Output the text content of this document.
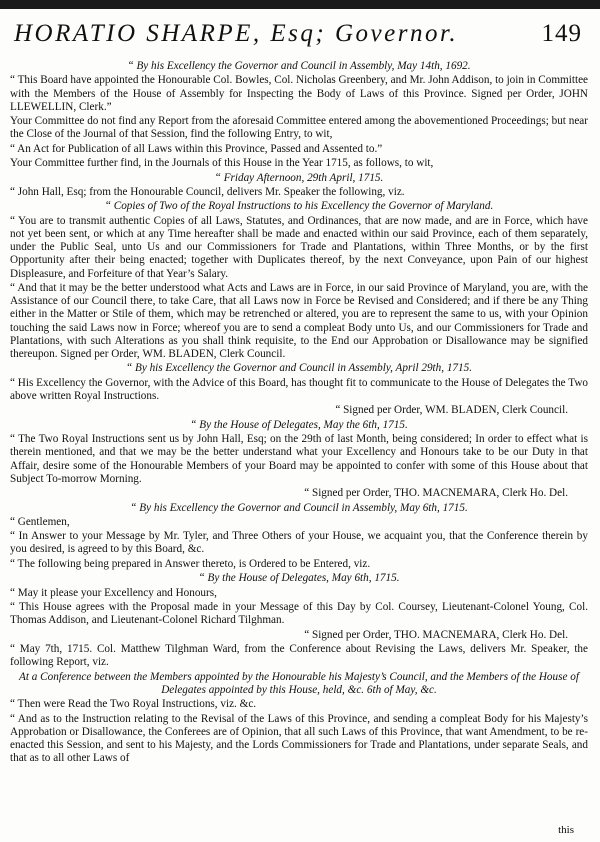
HORATIO SHARPE, Esq; Governor.	149

“ By his Excellency the Governor and Council in Assembly, May 14th, 1692.

“ This Board have appointed the Honourable Col. Bowles, Col. Nicholas Greenbery, and Mr. John Addison, to join in Committee with the Members of the House of Assembly for Inspecting the Body of Laws of this Province. Signed per Order, JOHN LLEWELLIN, Clerk.”

Your Committee do not find any Report from the aforesaid Committee entered among the abovementioned Proceedings; but near the Close of the Journal of that Session, find the following Entry, to wit,

“ An Act for Publication of all Laws within this Province, Passed and Assented to.”

Your Committee further find, in the Journals of this House in the Year 1715, as follows, to wit,

“ Friday Afternoon, 29th April, 1715.

“ John Hall, Esq; from the Honourable Council, delivers Mr. Speaker the following, viz.

“ Copies of Two of the Royal Instructions to his Excellency the Governor of Maryland.

“ You are to transmit authentic Copies of all Laws, Statutes, and Ordinances, that are now made, and are in Force, which have not yet been sent, or which at any Time hereafter shall be made and enacted within our said Province, each of them separately, under the Public Seal, unto Us and our Commissioners for Trade and Plantations, within Three Months, or by the first Opportunity after their being enacted; together with Duplicates thereof, by the next Conveyance, upon Pain of our highest Displeasure, and Forfeiture of that Year’s Salary.

“ And that it may be the better understood what Acts and Laws are in Force, in our said Province of Maryland, you are, with the Assistance of our Council there, to take Care, that all Laws now in Force be Revised and Considered; and if there be any Thing either in the Matter or Stile of them, which may be retrenched or altered, you are to represent the same to us, with your Opinion touching the said Laws now in Force; whereof you are to send a compleat Body unto Us, and our Commissioners for Trade and Plantations, with such Alterations as you shall think requisite, to the End our Approbation or Disallowance may be signified thereupon. Signed per Order, WM. BLADEN, Clerk Council.

“ By his Excellency the Governor and Council in Assembly, April 29th, 1715.

“ His Excellency the Governor, with the Advice of this Board, has thought fit to communicate to the House of Delegates the Two above written Royal Instructions.

“ Signed per Order, WM. BLADEN, Clerk Council.

“ By the House of Delegates, May the 6th, 1715.

“ The Two Royal Instructions sent us by John Hall, Esq; on the 29th of last Month, being considered; In order to effect what is therein mentioned, and that we may be the better understand what your Excellency and Honours take to be our Duty in that Affair, desire some of the Honourable Members of your Board may be appointed to confer with some of this House about that Subject To-morrow Morning.

“ Signed per Order, THO. MACNEMARA, Clerk Ho. Del.

“ By his Excellency the Governor and Council in Assembly, May 6th, 1715.

“ Gentlemen,

“ In Answer to your Message by Mr. Tyler, and Three Others of your House, we acquaint you, that the Conference therein by you desired, is agreed to by this Board, &c.

“ The following being prepared in Answer thereto, is Ordered to be Entered, viz.

“ By the House of Delegates, May 6th, 1715.

“ May it please your Excellency and Honours,

“ This House agrees with the Proposal made in your Message of this Day by Col. Coursey, Lieutenant-Colonel Young, Col. Thomas Addison, and Lieutenant-Colonel Richard Tilghman.

“ Signed per Order, THO. MACNEMARA, Clerk Ho. Del.

“ May 7th, 1715. Col. Matthew Tilghman Ward, from the Conference about Revising the Laws, delivers Mr. Speaker, the following Report, viz.

At a Conference between the Members appointed by the Honourable his Majesty’s Council, and the Members of the House of Delegates appointed by this House, held, &c. 6th of May, &c.

“ Then were Read the Two Royal Instructions, viz. &c.

“ And as to the Instruction relating to the Revisal of the Laws of this Province, and sending a compleat Body for his Majesty’s Approbation or Disallowance, the Conferees are of Opinion, that all such Laws of this Province, that want Amendment, to be re-enacted this Session, and sent to his Majesty, and the Lords Commissioners for Trade and Plantations, under separate Seals, and that as to all other Laws of

this
